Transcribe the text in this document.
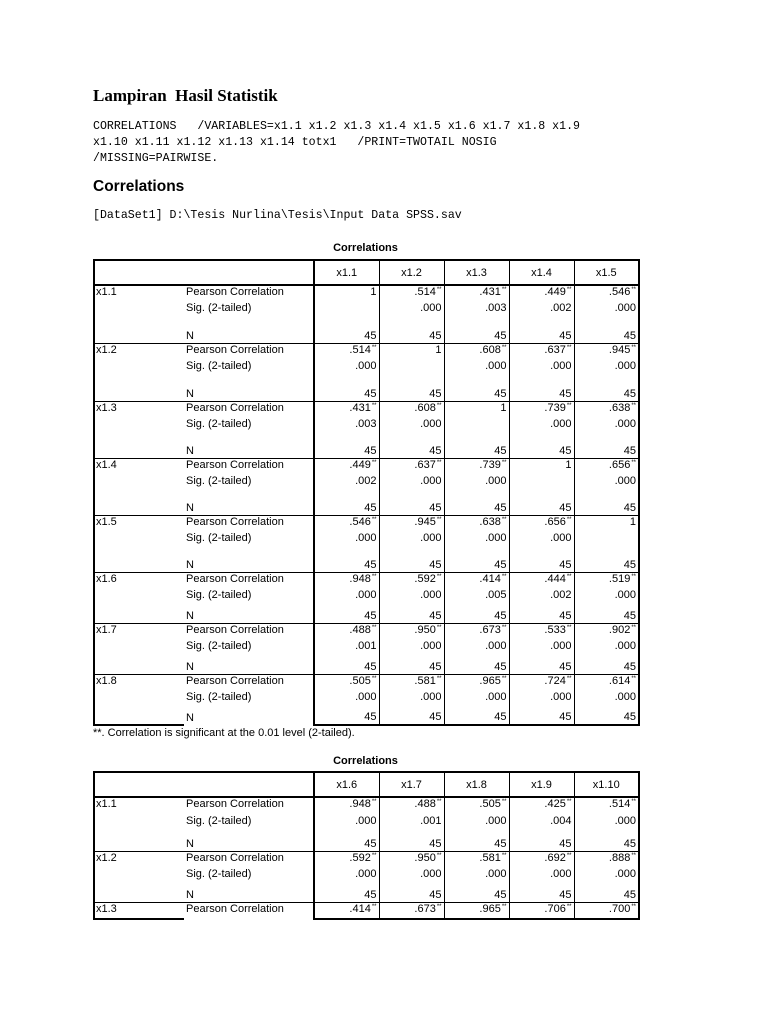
Lampiran  Hasil Statistik
CORRELATIONS   /VARIABLES=x1.1 x1.2 x1.3 x1.4 x1.5 x1.6 x1.7 x1.8 x1.9
x1.10 x1.11 x1.12 x1.13 x1.14 totx1   /PRINT=TWOTAIL NOSIG
/MISSING=PAIRWISE.
Correlations
[DataSet1] D:\Tesis Nurlina\Tesis\Input Data SPSS.sav
Correlations
		x1.1	x1.2	x1.3	x1.4	x1.5
x1.1	Pearson Correlation	1	.514**	.431**	.449**	.546**
	Sig. (2-tailed)		.000	.003	.002	.000
	N	45	45	45	45	45
x1.2	Pearson Correlation	.514**	1	.608**	.637**	.945**
	Sig. (2-tailed)	.000		.000	.000	.000
	N	45	45	45	45	45
x1.3	Pearson Correlation	.431**	.608**	1	.739**	.638**
	Sig. (2-tailed)	.003	.000		.000	.000
	N	45	45	45	45	45
x1.4	Pearson Correlation	.449**	.637**	.739**	1	.656**
	Sig. (2-tailed)	.002	.000	.000		.000
	N	45	45	45	45	45
x1.5	Pearson Correlation	.546**	.945**	.638**	.656**	1
	Sig. (2-tailed)	.000	.000	.000	.000	
	N	45	45	45	45	45
x1.6	Pearson Correlation	.948**	.592**	.414**	.444**	.519**
	Sig. (2-tailed)	.000	.000	.005	.002	.000
	N	45	45	45	45	45
x1.7	Pearson Correlation	.488**	.950**	.673**	.533**	.902**
	Sig. (2-tailed)	.001	.000	.000	.000	.000
	N	45	45	45	45	45
x1.8	Pearson Correlation	.505**	.581**	.965**	.724**	.614**
	Sig. (2-tailed)	.000	.000	.000	.000	.000
	N	45	45	45	45	45
Correlations
		x1.6	x1.7	x1.8	x1.9	x1.10
x1.1	Pearson Correlation	.948**	.488**	.505**	.425**	.514**
	Sig. (2-tailed)	.000	.001	.000	.004	.000
	N	45	45	45	45	45
x1.2	Pearson Correlation	.592**	.950**	.581**	.692**	.888**
	Sig. (2-tailed)	.000	.000	.000	.000	.000
	N	45	45	45	45	45
x1.3	Pearson Correlation	.414**	.673**	.965**	.706**	.700**

**. Correlation is significant at the 0.01 level (2-tailed).
